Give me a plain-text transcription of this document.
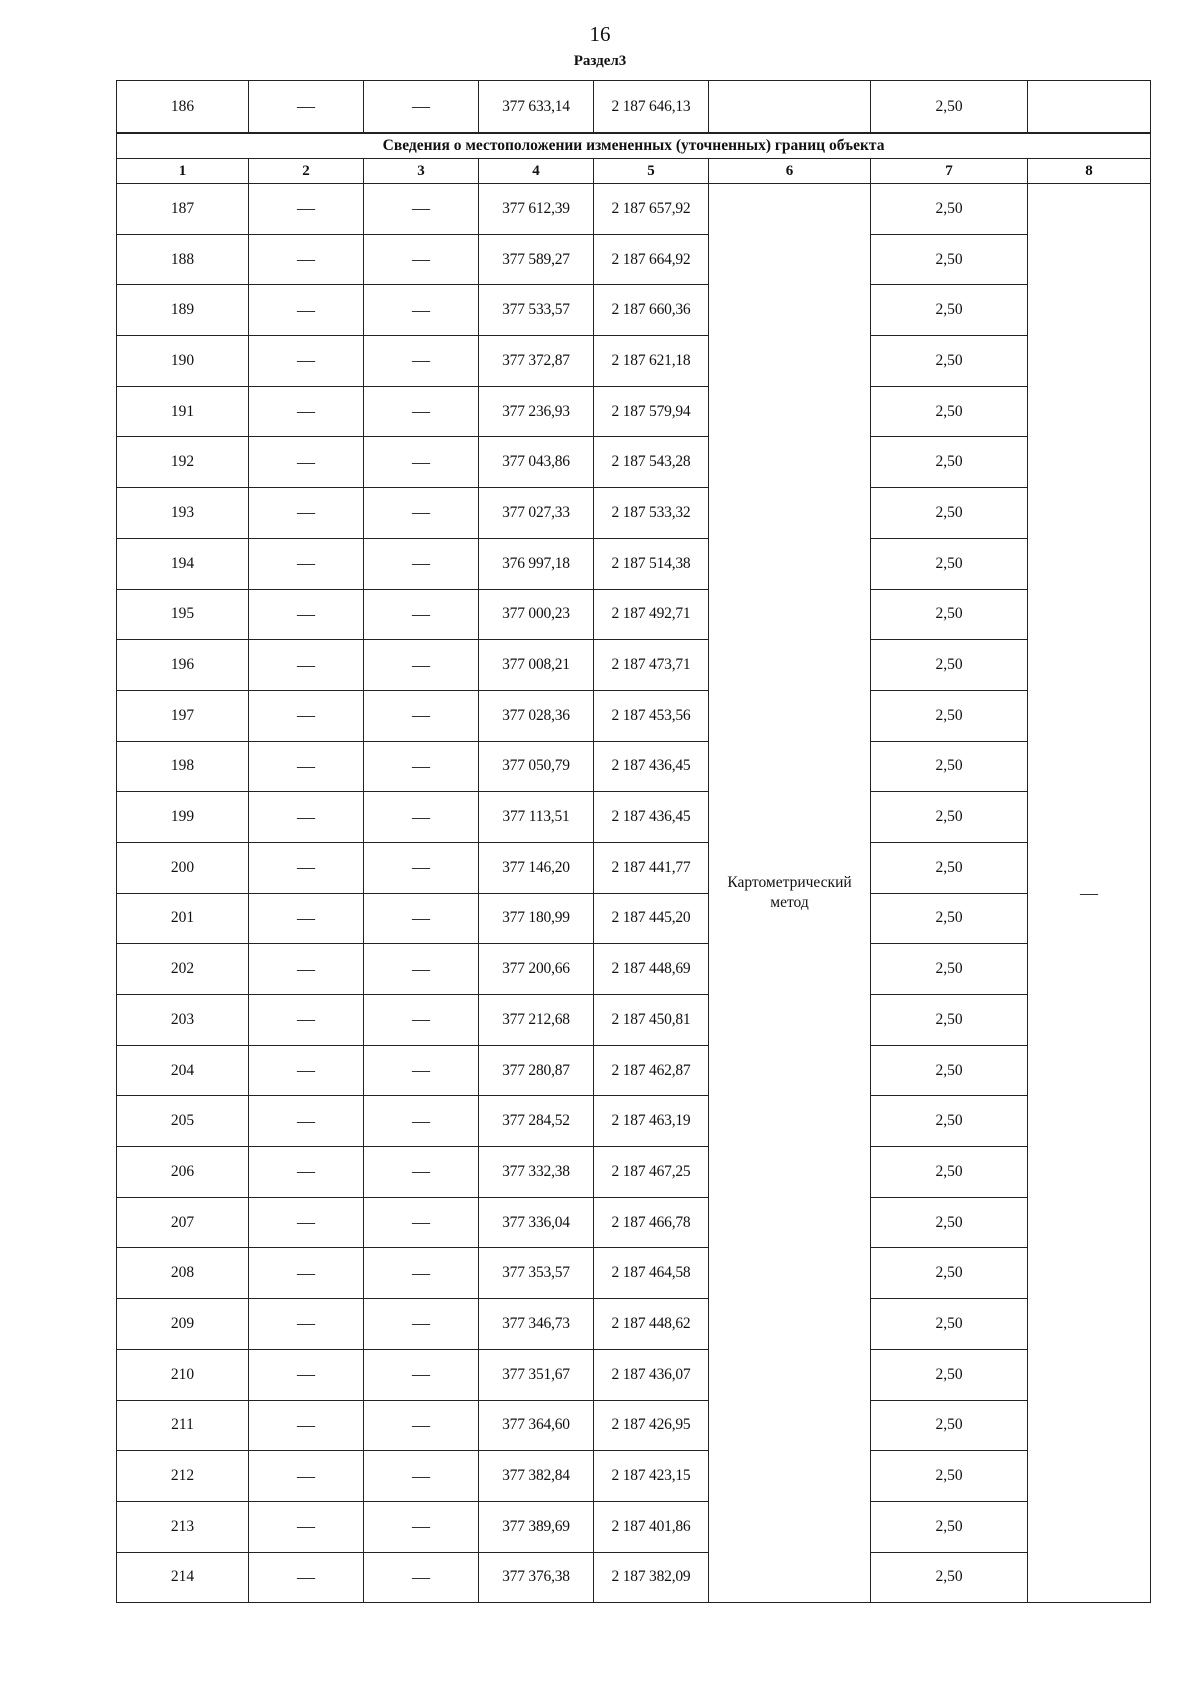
16
Раздел3
186	—	—	377 633,14	2 187 646,13		2,50	
Сведения о местоположении измененных (уточненных) границ объекта							
1	2	3	4	5	6	7	8
187	—	—	377 612,39	2 187 657,92	Картометрический метод	2,50	—
188	—	—	377 589,27	2 187 664,92		2,50	
189	—	—	377 533,57	2 187 660,36		2,50	
190	—	—	377 372,87	2 187 621,18		2,50	
191	—	—	377 236,93	2 187 579,94		2,50	
192	—	—	377 043,86	2 187 543,28		2,50	
193	—	—	377 027,33	2 187 533,32		2,50	
194	—	—	376 997,18	2 187 514,38		2,50	
195	—	—	377 000,23	2 187 492,71		2,50	
196	—	—	377 008,21	2 187 473,71		2,50	
197	—	—	377 028,36	2 187 453,56		2,50	
198	—	—	377 050,79	2 187 436,45		2,50	
199	—	—	377 113,51	2 187 436,45		2,50	
200	—	—	377 146,20	2 187 441,77		2,50	
201	—	—	377 180,99	2 187 445,20		2,50	
202	—	—	377 200,66	2 187 448,69		2,50	
203	—	—	377 212,68	2 187 450,81		2,50	
204	—	—	377 280,87	2 187 462,87		2,50	
205	—	—	377 284,52	2 187 463,19		2,50	
206	—	—	377 332,38	2 187 467,25		2,50	
207	—	—	377 336,04	2 187 466,78		2,50	
208	—	—	377 353,57	2 187 464,58		2,50	
209	—	—	377 346,73	2 187 448,62		2,50	
210	—	—	377 351,67	2 187 436,07		2,50	
211	—	—	377 364,60	2 187 426,95		2,50	
212	—	—	377 382,84	2 187 423,15		2,50	
213	—	—	377 389,69	2 187 401,86		2,50	
214	—	—	377 376,38	2 187 382,09		2,50	
